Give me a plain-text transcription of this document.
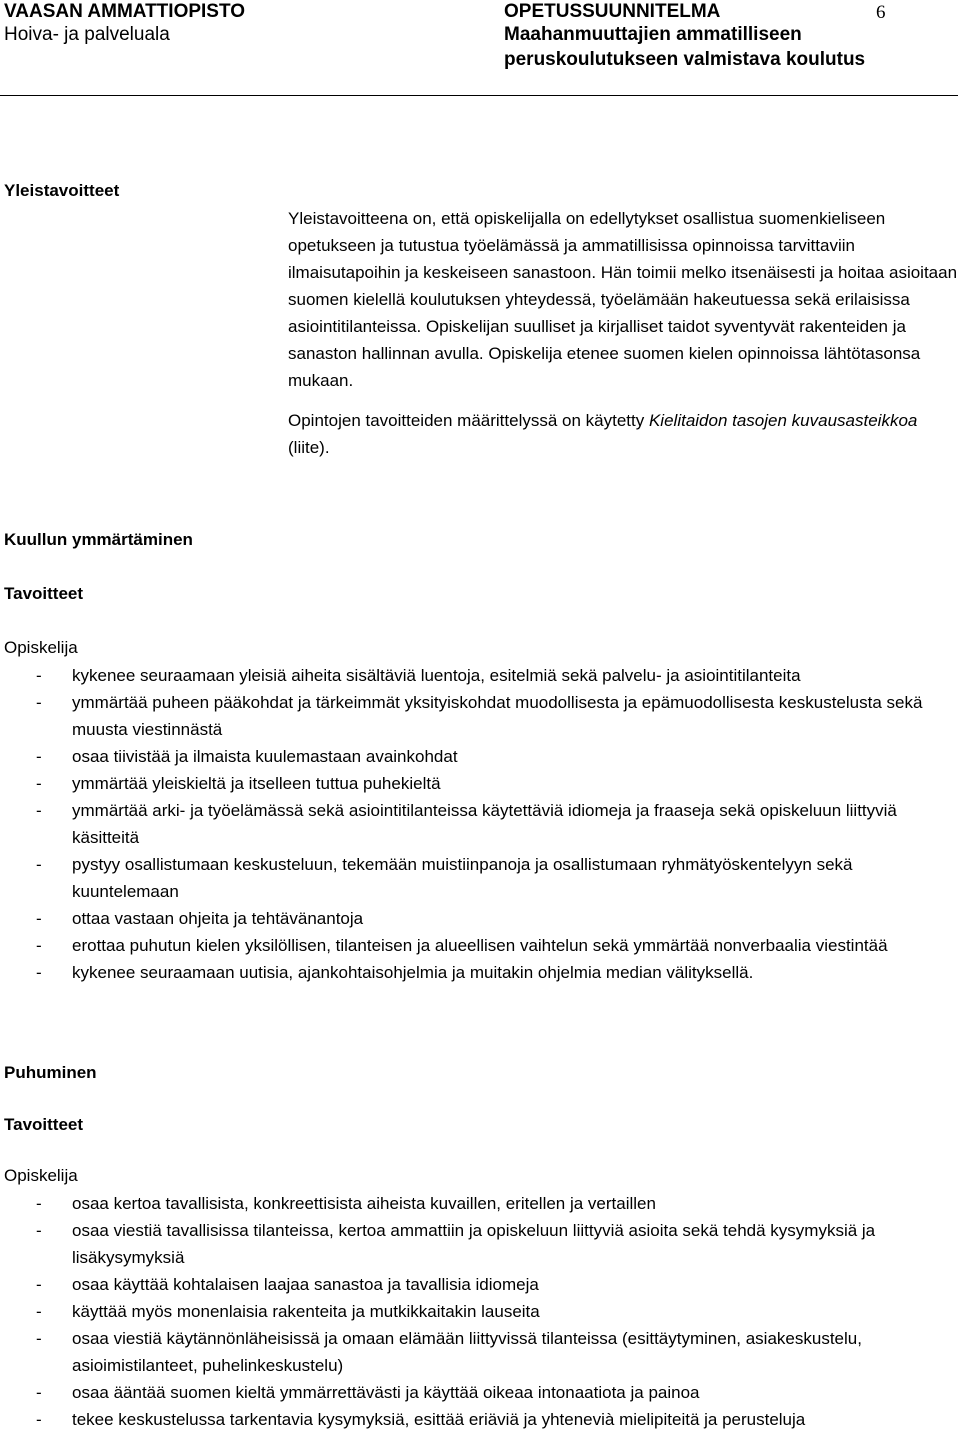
VAASAN AMMATTIOPISTO
Hoiva- ja palveluala
OPETUSSUUNNITELMA
Maahanmuuttajien ammatilliseen
peruskoulutukseen valmistava koulutus
6
Yleistavoitteet

Yleistavoitteena on, että opiskelijalla on edellytykset osallistua suomenkieliseen opetukseen ja tutustua työelämässä ja ammatillisissa opinnoissa tarvittaviin ilmaisutapoihin ja keskeiseen sanastoon. Hän toimii melko itsenäisesti ja hoitaa asioitaan suomen kielellä koulutuksen yhteydessä, työelämään hakeutuessa sekä erilaisissa asiointitilanteissa. Opiskelijan suulliset ja kirjalliset taidot syventyvät rakenteiden ja sanaston hallinnan avulla. Opiskelija etenee suomen kielen opinnoissa lähtötasonsa mukaan.

Opintojen tavoitteiden määrittelyssä on käytetty Kielitaidon tasojen kuvausasteikkoa (liite).

Kuullun ymmärtäminen
Tavoitteet
Opiskelija
- kykenee seuraamaan yleisiä aiheita sisältäviä luentoja, esitelmiä sekä palvelu- ja asiointitilanteita
- ymmärtää puheen pääkohdat ja tärkeimmät yksityiskohdat muodollisesta ja epämuodollisesta keskustelusta sekä muusta viestinnästä
- osaa tiivistää ja ilmaista kuulemastaan avainkohdat
- ymmärtää yleiskieltä ja itselleen tuttua puhekieltä
- ymmärtää arki- ja työelämässä sekä asiointitilanteissa käytettäviä idiomeja ja fraaseja sekä opiskeluun liittyviä käsitteitä
- pystyy osallistumaan keskusteluun, tekemään muistiinpanoja ja osallistumaan ryhmätyöskentelyyn sekä kuuntelemaan
- ottaa vastaan ohjeita ja tehtävänantoja
- erottaa puhutun kielen yksilöllisen, tilanteisen ja alueellisen vaihtelun sekä ymmärtää nonverbaalia viestintää
- kykenee seuraamaan uutisia, ajankohtaisohjelmia ja muitakin ohjelmia median välityksellä.
Puhuminen
Tavoitteet
Opiskelija
- osaa kertoa tavallisista, konkreettisista aiheista kuvaillen, eritellen ja vertaillen
- osaa viestiä tavallisissa tilanteissa, kertoa ammattiin ja opiskeluun liittyviä asioita sekä tehdä kysymyksiä ja lisäkysymyksiä
- osaa käyttää kohtalaisen laajaa sanastoa ja tavallisia idiomeja
- käyttää myös monenlaisia rakenteita ja mutkikkaitakin lauseita
- osaa viestiä käytännönläheisissä ja omaan elämään liittyvissä tilanteissa (esittäytyminen, asiakeskustelu, asioimistilanteet, puhelinkeskustelu)
- osaa ääntää suomen kieltä ymmärrettävästi ja käyttää oikeaa intonaatiota ja painoa
- tekee keskustelussa tarkentavia kysymyksiä, esittää eriäviä ja yhtenevià mielipiteitä ja perusteluja
